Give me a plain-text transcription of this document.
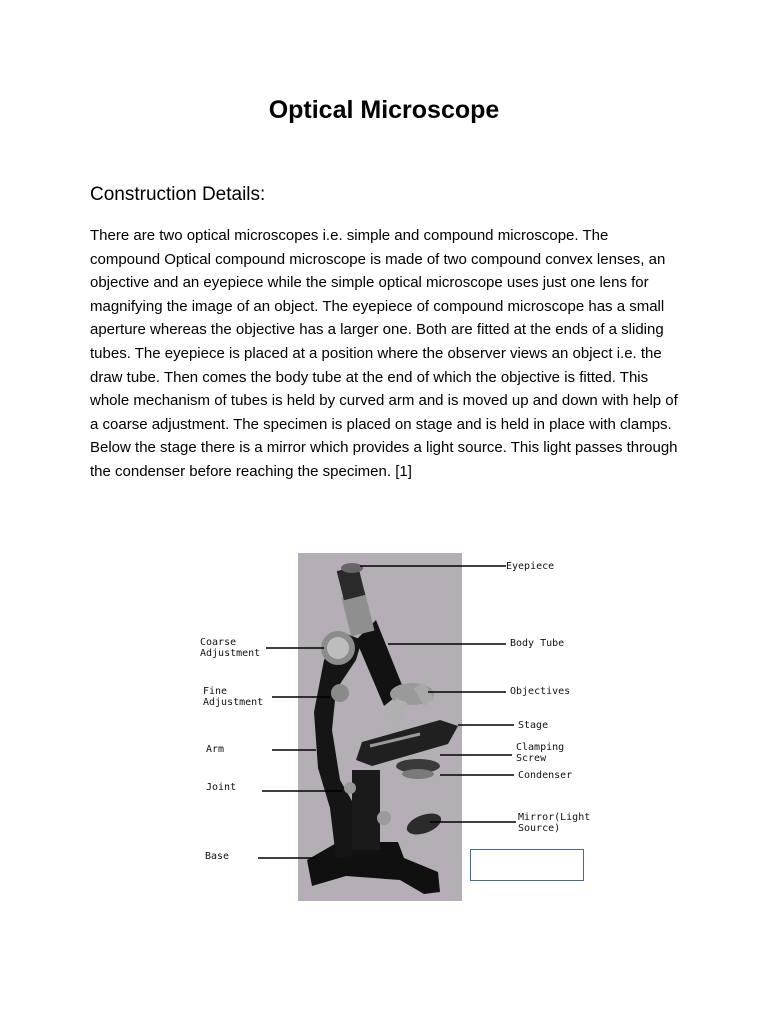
Optical Microscope
Construction Details:

There are two optical microscopes i.e. simple and compound microscope. The compound Optical compound microscope is made of two compound convex lenses, an objective and an eyepiece while the simple optical microscope uses just one lens for magnifying the image of an object. The eyepiece of compound microscope has a small aperture whereas the objective has a larger one. Both are fitted at the ends of a sliding tubes. The eyepiece is placed at a position where the observer views an object i.e. the draw tube. Then comes the body tube at the end of which the objective is fitted. This whole mechanism of tubes is held by curved arm and is moved up and down with help of a coarse adjustment. The specimen is placed on stage and is held in place with clamps. Below the stage there is a mirror which provides a light source. This light passes through the condenser before reaching the specimen. [1]

Eyepiece
Body Tube
Objectives
Stage
Clamping
Screw
Condenser
Mirror(Light
Source)
Coarse
Adjustment
Fine
Adjustment
Arm
Joint
Base
